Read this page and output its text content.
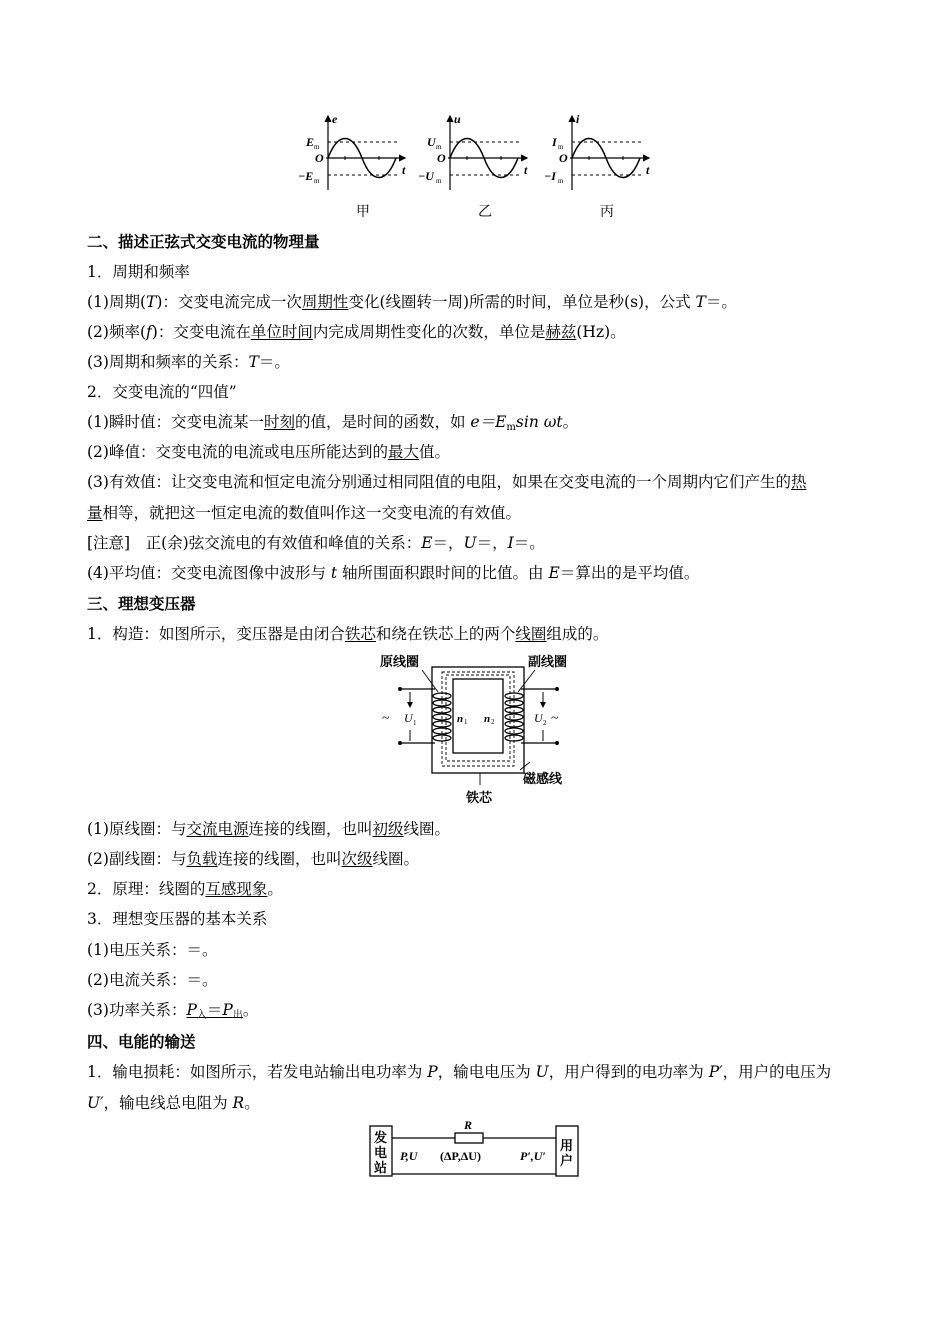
e
E m
O
−E m
t
甲
u
U m
O
−U m
t
乙
i
I m
O
−I m
t
丙
二、描述正弦式交变电流的物理量
1．周期和频率
(1)周期(T)：交变电流完成一次周期性变化(线圈转一周)所需的时间，单位是秒(s)，公式 T＝。
(2)频率(f)：交变电流在单位时间内完成周期性变化的次数，单位是赫兹(Hz)。
(3)周期和频率的关系：T＝。
2．交变电流的“四值”
(1)瞬时值：交变电流某一时刻的值，是时间的函数，如 $e=E_m\sin$ ωt。
(2)峰值：交变电流的电流或电压所能达到的最大值。
(3)有效值：让交变电流和恒定电流分别通过相同阻值的电阻，如果在交变电流的一个周期内它们产生的热
量相等，就把这一恒定电流的数值叫作这一交变电流的有效值。
[注意]　正(余)弦交流电的有效值和峰值的关系：E＝，U＝，I＝。
(4)平均值：交变电流图像中波形与 t 轴所围面积跟时间的比值。由 E＝算出的是平均值。
三、理想变压器
1．构造：如图所示，变压器是由闭合铁芯和绕在铁芯上的两个线圈组成的。
原线圈	副线圈
~ U 1	n 1 n 2	U 2 ~
磁感线
铁芯
(1)原线圈：与交流电源连接的线圈，也叫初级线圈。
(2)副线圈：与负载连接的线圈，也叫次级线圈。
2．原理：线圈的互感现象。
3．理想变压器的基本关系
(1)电压关系：＝。
(2)电流关系：＝。
(3)功率关系：$P_入=P_出$。
四、电能的输送
1．输电损耗：如图所示，若发电站输出电功率为 P，输电电压为 U，用户得到的电功率为 P′，用户的电压为 U′，输电线总电阻为 R。
发
电
站
用
户
R
P,U (ΔP,ΔU)	P′,U′
